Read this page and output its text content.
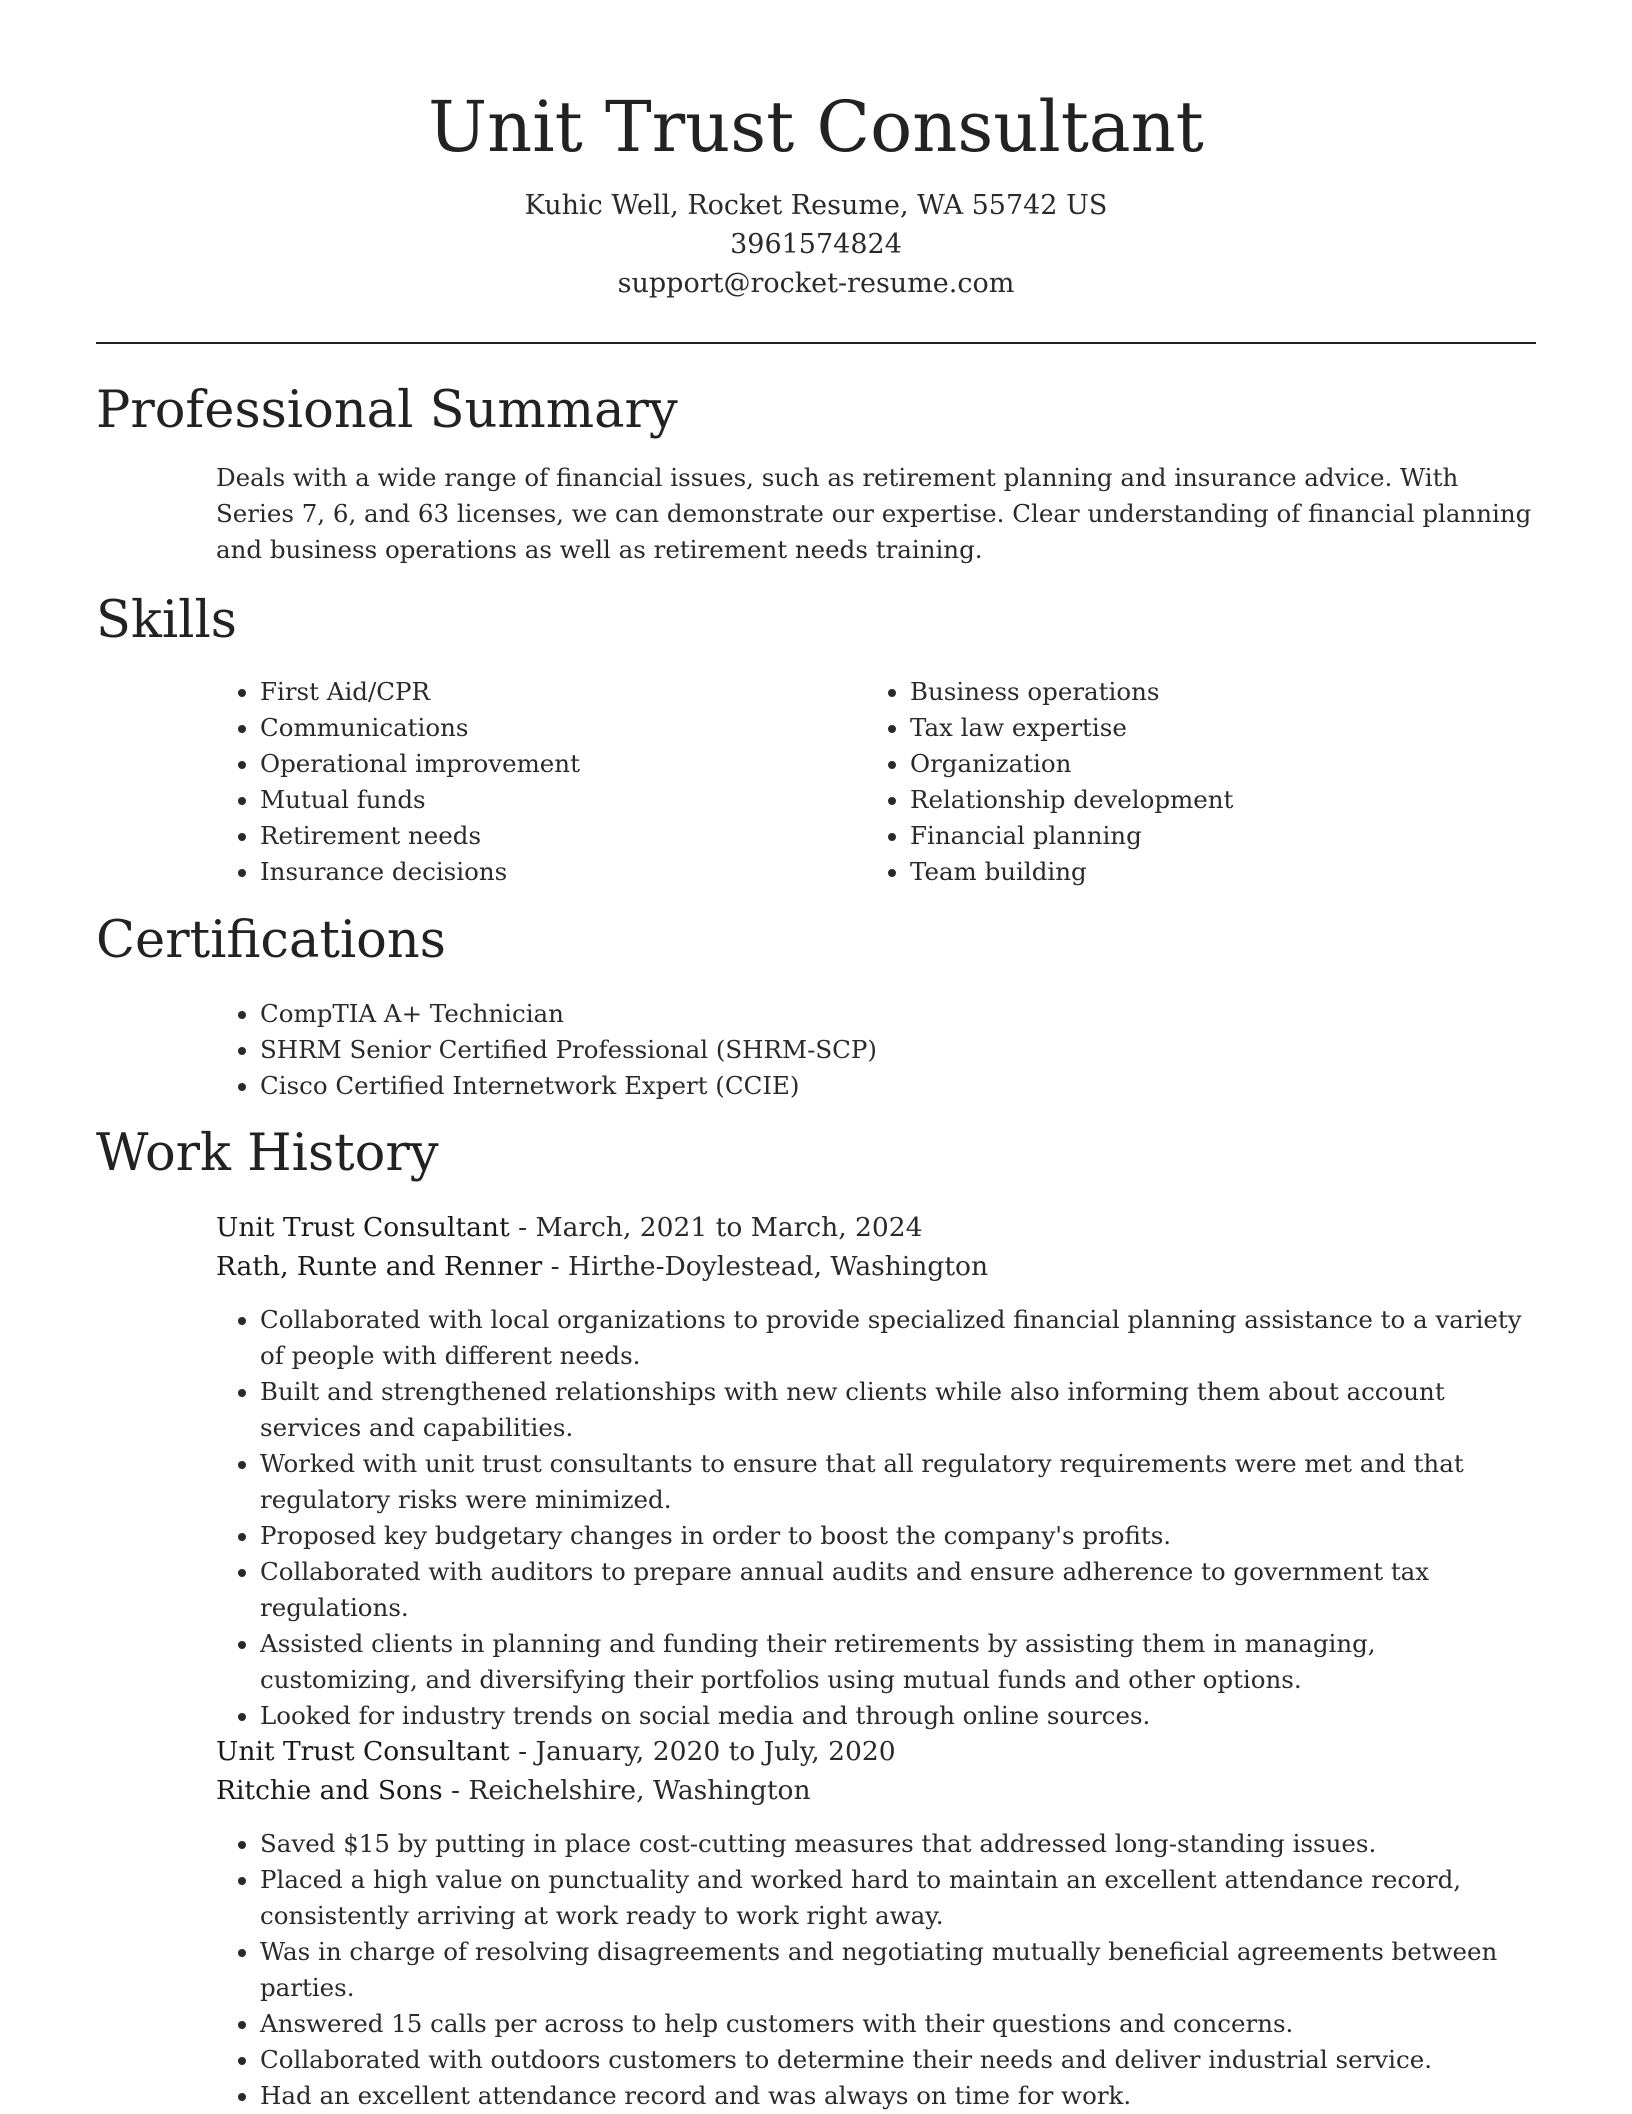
Unit Trust Consultant
Kuhic Well, Rocket Resume, WA 55742 US
3961574824
support@rocket-resume.com
Professional Summary

Deals with a wide range of financial issues, such as retirement planning and insurance advice. With Series 7, 6, and 63 licenses, we can demonstrate our expertise. Clear understanding of financial planning and business operations as well as retirement needs training.

Skills
• First Aid/CPR
• Communications
• Operational improvement
• Mutual funds
• Retirement needs
• Insurance decisions
• Business operations
• Tax law expertise
• Organization
• Relationship development
• Financial planning
• Team building
Certifications
• CompTIA A+ Technician
• SHRM Senior Certified Professional (SHRM-SCP)
• Cisco Certified Internetwork Expert (CCIE)
Work History
Unit Trust Consultant - March, 2021 to March, 2024
Rath, Runte and Renner - Hirthe-Doylestead, Washington
• Collaborated with local organizations to provide specialized financial planning assistance to a variety of people with different needs.
• Built and strengthened relationships with new clients while also informing them about account services and capabilities.
• Worked with unit trust consultants to ensure that all regulatory requirements were met and that regulatory risks were minimized.
• Proposed key budgetary changes in order to boost the company's profits.
• Collaborated with auditors to prepare annual audits and ensure adherence to government tax regulations.
• Assisted clients in planning and funding their retirements by assisting them in managing, customizing, and diversifying their portfolios using mutual funds and other options.
• Looked for industry trends on social media and through online sources.
Unit Trust Consultant - January, 2020 to July, 2020
Ritchie and Sons - Reichelshire, Washington
• Saved $15 by putting in place cost-cutting measures that addressed long-standing issues.
• Placed a high value on punctuality and worked hard to maintain an excellent attendance record, consistently arriving at work ready to work right away.
• Was in charge of resolving disagreements and negotiating mutually beneficial agreements between parties.
• Answered 15 calls per across to help customers with their questions and concerns.
• Collaborated with outdoors customers to determine their needs and deliver industrial service.
• Had an excellent attendance record and was always on time for work.
